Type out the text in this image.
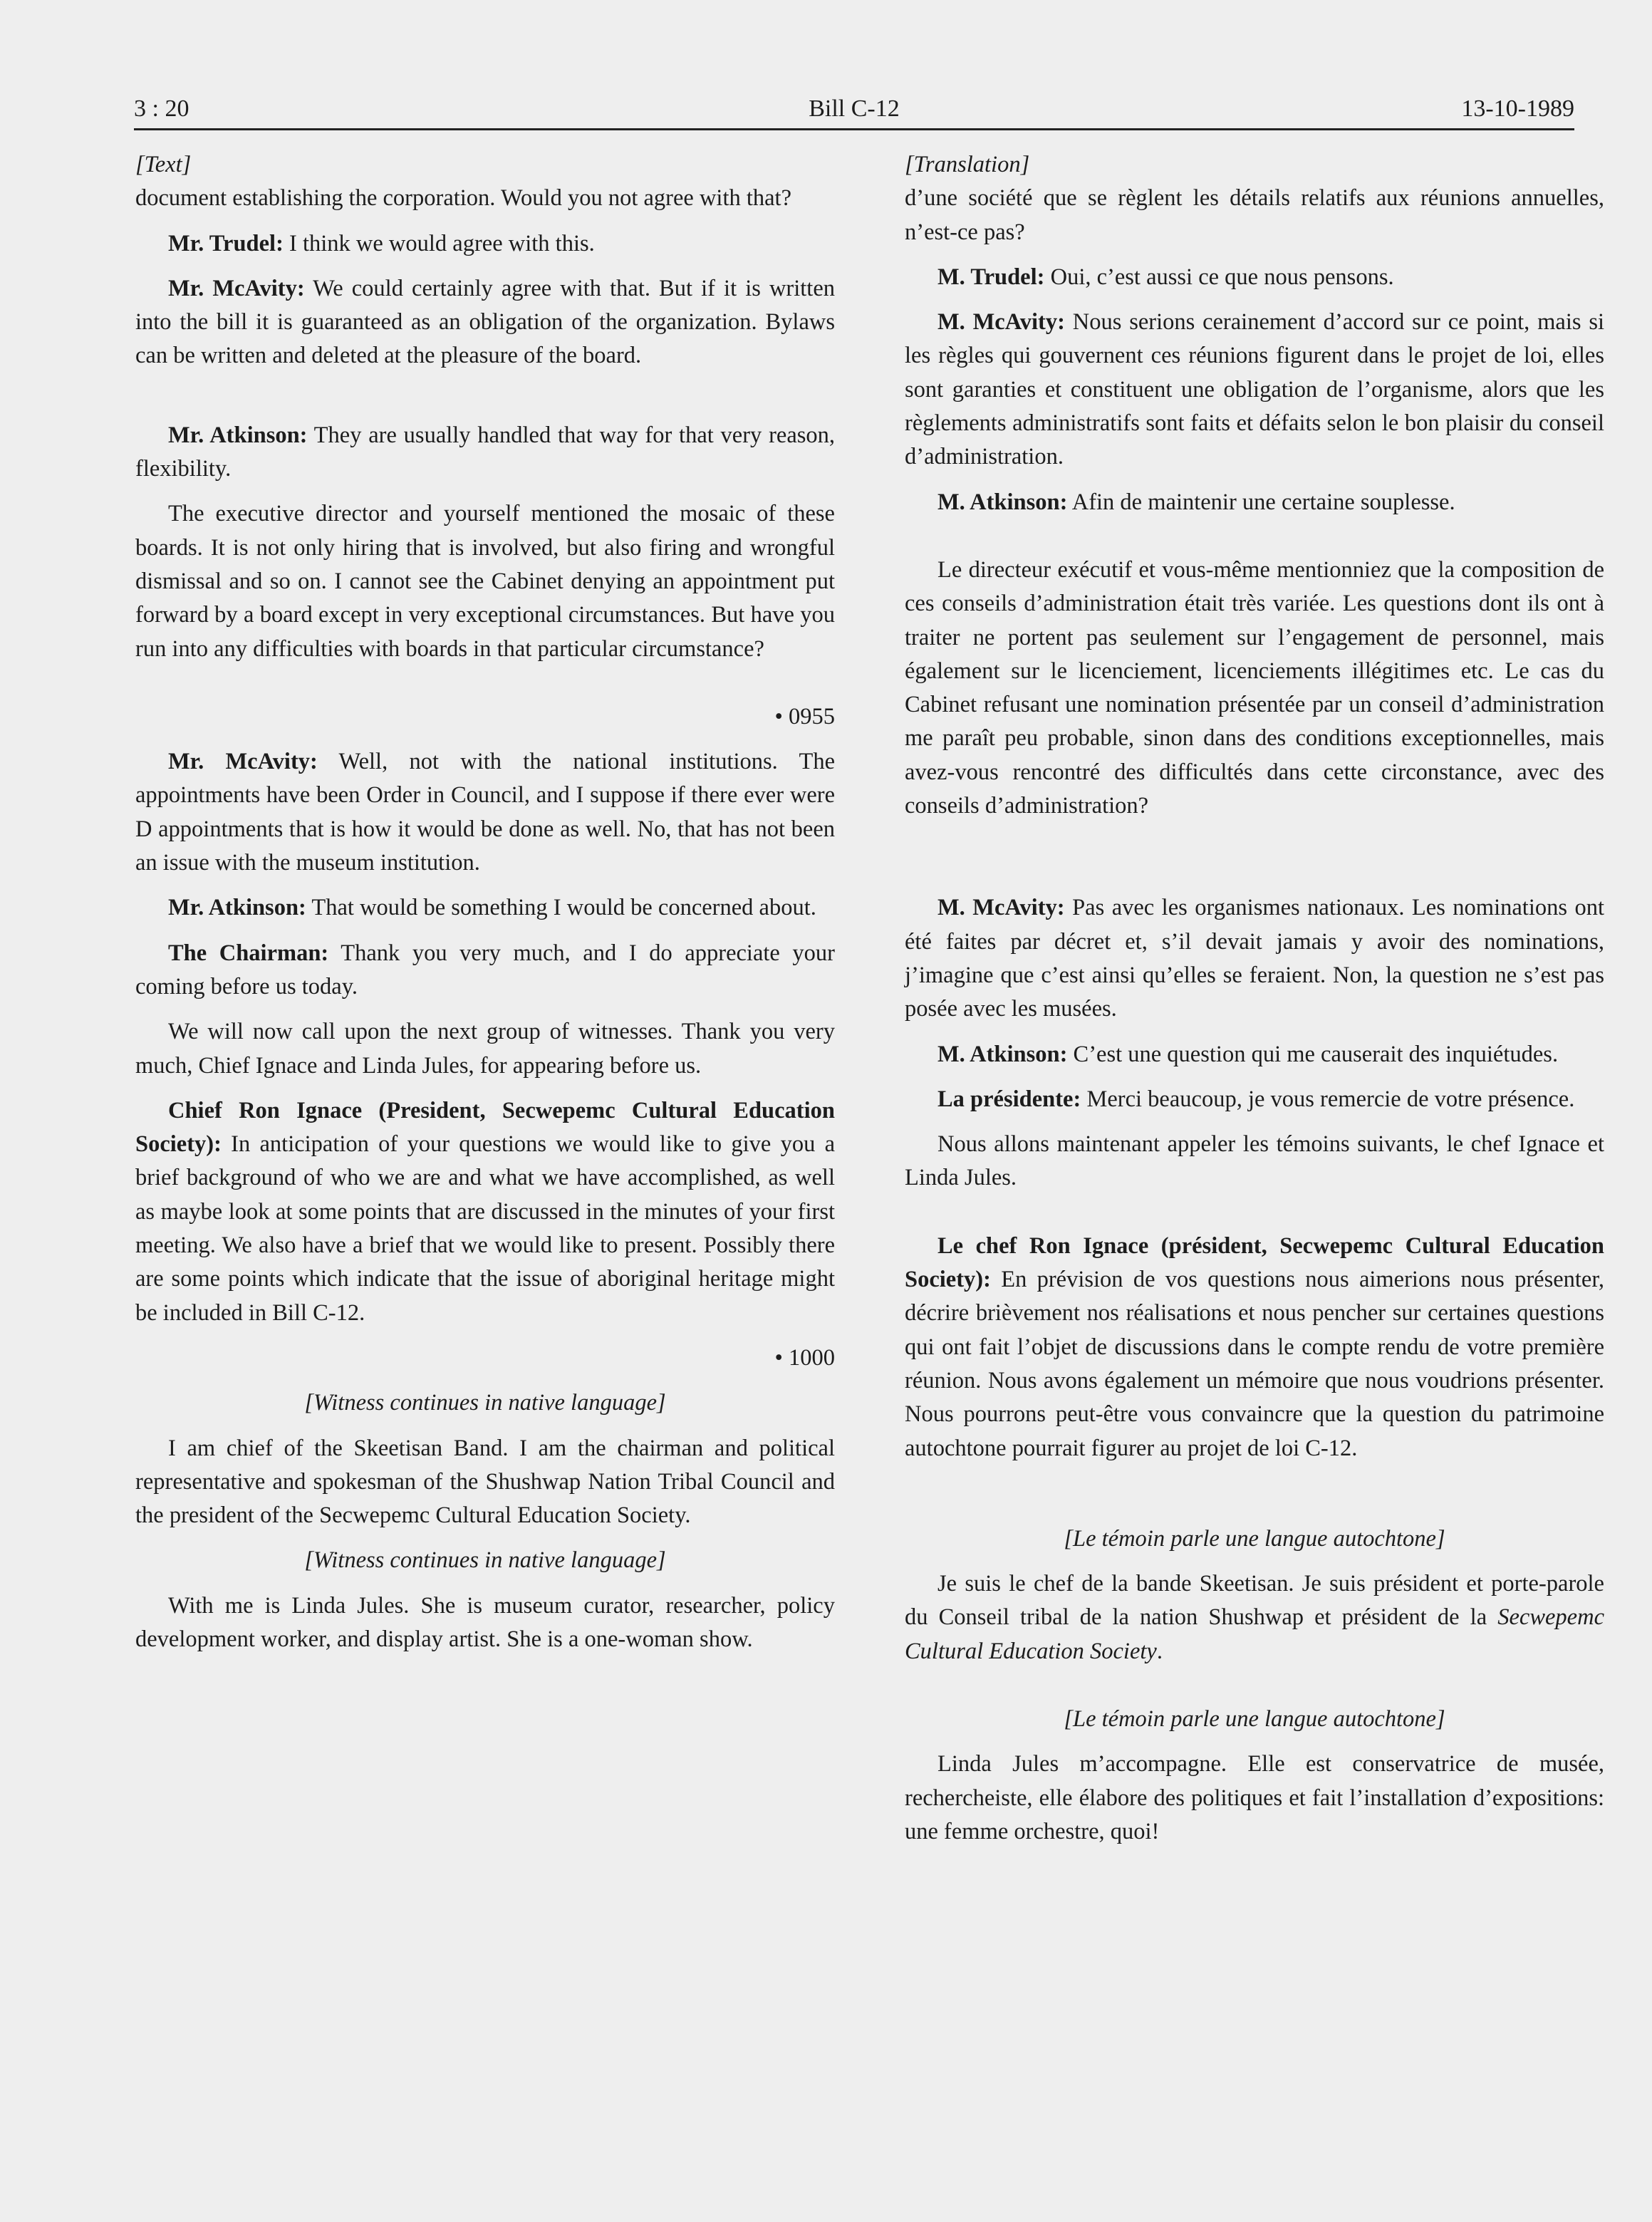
3 : 20	Bill C-12	13-10-1989

[Text]

document establishing the corporation. Would you not agree with that?

Mr. Trudel: I think we would agree with this.

Mr. McAvity: We could certainly agree with that. But if it is written into the bill it is guaranteed as an obligation of the organization. Bylaws can be written and deleted at the pleasure of the board.

Mr. Atkinson: They are usually handled that way for that very reason, flexibility.

The executive director and yourself mentioned the mosaic of these boards. It is not only hiring that is involved, but also firing and wrongful dismissal and so on. I cannot see the Cabinet denying an appointment put forward by a board except in very exceptional circumstances. But have you run into any difficulties with boards in that particular circumstance?

• 0955

Mr. McAvity: Well, not with the national institutions. The appointments have been Order in Council, and I suppose if there ever were D appointments that is how it would be done as well. No, that has not been an issue with the museum institution.

Mr. Atkinson: That would be something I would be concerned about.

The Chairman: Thank you very much, and I do appreciate your coming before us today.

We will now call upon the next group of witnesses. Thank you very much, Chief Ignace and Linda Jules, for appearing before us.

Chief Ron Ignace (President, Secwepemc Cultural Education Society): In anticipation of your questions we would like to give you a brief background of who we are and what we have accomplished, as well as maybe look at some points that are discussed in the minutes of your first meeting. We also have a brief that we would like to present. Possibly there are some points which indicate that the issue of aboriginal heritage might be included in Bill C-12.

• 1000

[Witness continues in native language]

I am chief of the Skeetisan Band. I am the chairman and political representative and spokesman of the Shushwap Nation Tribal Council and the president of the Secwepemc Cultural Education Society.

[Witness continues in native language]

With me is Linda Jules. She is museum curator, researcher, policy development worker, and display artist. She is a one-woman show.

[Translation]

d’une société que se règlent les détails relatifs aux réunions annuelles, n’est-ce pas?

M. Trudel: Oui, c’est aussi ce que nous pensons.

M. McAvity: Nous serions cerainement d’accord sur ce point, mais si les règles qui gouvernent ces réunions figurent dans le projet de loi, elles sont garanties et constituent une obligation de l’organisme, alors que les règlements administratifs sont faits et défaits selon le bon plaisir du conseil d’administration.

M. Atkinson: Afin de maintenir une certaine souplesse.

Le directeur exécutif et vous-même mentionniez que la composition de ces conseils d’administration était très variée. Les questions dont ils ont à traiter ne portent pas seulement sur l’engagement de personnel, mais également sur le licenciement, licenciements illégitimes etc. Le cas du Cabinet refusant une nomination présentée par un conseil d’administration me paraît peu probable, sinon dans des conditions exceptionnelles, mais avez-vous rencontré des difficultés dans cette circonstance, avec des conseils d’administration?

M. McAvity: Pas avec les organismes nationaux. Les nominations ont été faites par décret et, s’il devait jamais y avoir des nominations, j’imagine que c’est ainsi qu’elles se feraient. Non, la question ne s’est pas posée avec les musées.

M. Atkinson: C’est une question qui me causerait des inquiétudes.

La présidente: Merci beaucoup, je vous remercie de votre présence.

Nous allons maintenant appeler les témoins suivants, le chef Ignace et Linda Jules.

Le chef Ron Ignace (président, Secwepemc Cultural Education Society): En prévision de vos questions nous aimerions nous présenter, décrire brièvement nos réalisations et nous pencher sur certaines questions qui ont fait l’objet de discussions dans le compte rendu de votre première réunion. Nous avons également un mémoire que nous voudrions présenter. Nous pourrons peut-être vous convaincre que la question du patrimoine autochtone pourrait figurer au projet de loi C-12.

[Le témoin parle une langue autochtone]

Je suis le chef de la bande Skeetisan. Je suis président et porte-parole du Conseil tribal de la nation Shushwap et président de la Secwepemc Cultural Education Society.

[Le témoin parle une langue autochtone]

Linda Jules m’accompagne. Elle est conservatrice de musée, rechercheiste, elle élabore des politiques et fait l’installation d’expositions: une femme orchestre, quoi!
